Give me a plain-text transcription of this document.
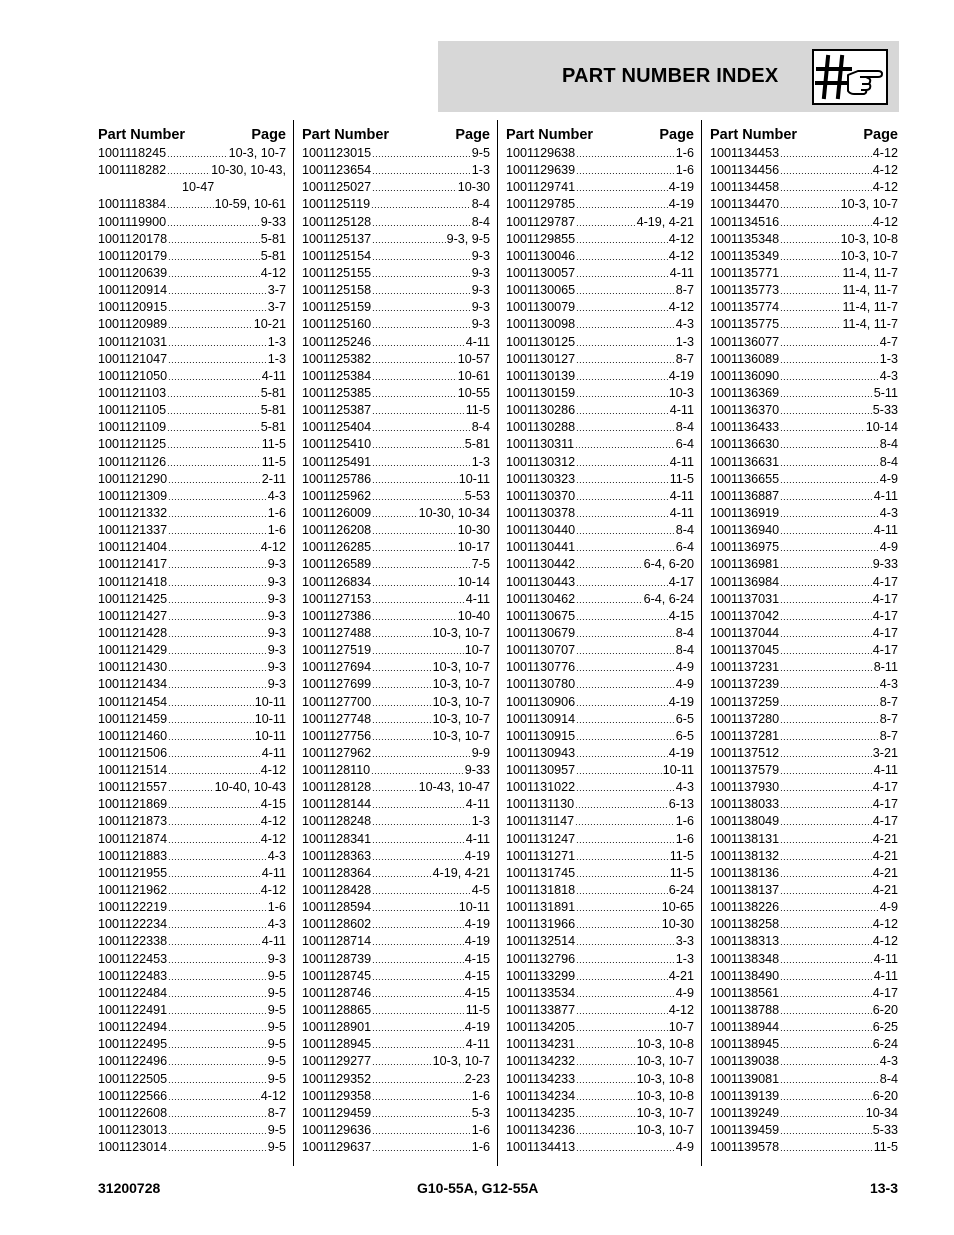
PART NUMBER INDEX
Part Number	Page
1001118245 .....	10-3, 10-7
1001118282 .....	10-30, 10-43,
10-47
1001118384 .....	10-59, 10-61
1001119900 .....	9-33
1001120178 .....	5-81
1001120179 .....	5-81
1001120639 .....	4-12
1001120914 .....	3-7
1001120915 .....	3-7
1001120989 .....	10-21
1001121031 .....	1-3
1001121047 .....	1-3
1001121050 .....	4-11
1001121103 .....	5-81
1001121105 .....	5-81
1001121109 .....	5-81
1001121125 .....	11-5
1001121126 .....	11-5
1001121290 .....	2-11
1001121309 .....	4-3
1001121332 .....	1-6
1001121337 .....	1-6
1001121404 .....	4-12
1001121417 .....	9-3
1001121418 .....	9-3
1001121425 .....	9-3
1001121427 .....	9-3
1001121428 .....	9-3
1001121429 .....	9-3
1001121430 .....	9-3
1001121434 .....	9-3
1001121454 .....	10-11
1001121459 .....	10-11
1001121460 .....	10-11
1001121506 .....	4-11
1001121514 .....	4-12
1001121557 .....	10-40, 10-43
1001121869 .....	4-15
1001121873 .....	4-12
1001121874 .....	4-12
1001121883 .....	4-3
1001121955 .....	4-11
1001121962 .....	4-12
1001122219 .....	1-6
1001122234 .....	4-3
1001122338 .....	4-11
1001122453 .....	9-3
1001122483 .....	9-5
1001122484 .....	9-5
1001122491 .....	9-5
1001122494 .....	9-5
1001122495 .....	9-5
1001122496 .....	9-5
1001122505 .....	9-5
1001122566 .....	4-12
1001122608 .....	8-7
1001123013 .....	9-5
1001123014 .....	9-5
Part Number	Page
1001123015 .....	9-5
1001123654 .....	1-3
1001125027 .....	10-30
1001125119 .....	8-4
1001125128 .....	8-4
1001125137 .....	9-3, 9-5
1001125154 .....	9-3
1001125155 .....	9-3
1001125158 .....	9-3
1001125159 .....	9-3
1001125160 .....	9-3
1001125246 .....	4-11
1001125382 .....	10-57
1001125384 .....	10-61
1001125385 .....	10-55
1001125387 .....	11-5
1001125404 .....	8-4
1001125410 .....	5-81
1001125491 .....	1-3
1001125786 .....	10-11
1001125962 .....	5-53
1001126009 .....	10-30, 10-34
1001126208 .....	10-30
1001126285 .....	10-17
1001126589 .....	7-5
1001126834 .....	10-14
1001127153 .....	4-11
1001127386 .....	10-40
1001127488 .....	10-3, 10-7
1001127519 .....	10-7
1001127694 .....	10-3, 10-7
1001127699 .....	10-3, 10-7
1001127700 .....	10-3, 10-7
1001127748 .....	10-3, 10-7
1001127756 .....	10-3, 10-7
1001127962 .....	9-9
1001128110 .....	9-33
1001128128 .....	10-43, 10-47
1001128144 .....	4-11
1001128248 .....	1-3
1001128341 .....	4-11
1001128363 .....	4-19
1001128364 .....	4-19, 4-21
1001128428 .....	4-5
1001128594 .....	10-11
1001128602 .....	4-19
1001128714 .....	4-19
1001128739 .....	4-15
1001128745 .....	4-15
1001128746 .....	4-15
1001128865 .....	11-5
1001128901 .....	4-19
1001128945 .....	4-11
1001129277 .....	10-3, 10-7
1001129352 .....	2-23
1001129358 .....	1-6
1001129459 .....	5-3
1001129636 .....	1-6
1001129637 .....	1-6
Part Number	Page
1001129638 .....	1-6
1001129639 .....	1-6
1001129741 .....	4-19
1001129785 .....	4-19
1001129787 .....	4-19, 4-21
1001129855 .....	4-12
1001130046 .....	4-12
1001130057 .....	4-11
1001130065 .....	8-7
1001130079 .....	4-12
1001130098 .....	4-3
1001130125 .....	1-3
1001130127 .....	8-7
1001130139 .....	4-19
1001130159 .....	10-3
1001130286 .....	4-11
1001130288 .....	8-4
1001130311 .....	6-4
1001130312 .....	4-11
1001130323 .....	11-5
1001130370 .....	4-11
1001130378 .....	4-11
1001130440 .....	8-4
1001130441 .....	6-4
1001130442 .....	6-4, 6-20
1001130443 .....	4-17
1001130462 .....	6-4, 6-24
1001130675 .....	4-15
1001130679 .....	8-4
1001130707 .....	8-4
1001130776 .....	4-9
1001130780 .....	4-9
1001130906 .....	4-19
1001130914 .....	6-5
1001130915 .....	6-5
1001130943 .....	4-19
1001130957 .....	10-11
1001131022 .....	4-3
1001131130 .....	6-13
1001131147 .....	1-6
1001131247 .....	1-6
1001131271 .....	11-5
1001131745 .....	11-5
1001131818 .....	6-24
1001131891 .....	10-65
1001131966 .....	10-30
1001132514 .....	3-3
1001132796 .....	1-3
1001133299 .....	4-21
1001133534 .....	4-9
1001133877 .....	4-12
1001134205 .....	10-7
1001134231 .....	10-3, 10-8
1001134232 .....	10-3, 10-7
1001134233 .....	10-3, 10-8
1001134234 .....	10-3, 10-8
1001134235 .....	10-3, 10-7
1001134236 .....	10-3, 10-7
1001134413 .....	4-9
Part Number	Page
1001134453 .....	4-12
1001134456 .....	4-12
1001134458 .....	4-12
1001134470 .....	10-3, 10-7
1001134516 .....	4-12
1001135348 .....	10-3, 10-8
1001135349 .....	10-3, 10-7
1001135771 .....	11-4, 11-7
1001135773 .....	11-4, 11-7
1001135774 .....	11-4, 11-7
1001135775 .....	11-4, 11-7
1001136077 .....	4-7
1001136089 .....	1-3
1001136090 .....	4-3
1001136369 .....	5-11
1001136370 .....	5-33
1001136433 .....	10-14
1001136630 .....	8-4
1001136631 .....	8-4
1001136655 .....	4-9
1001136887 .....	4-11
1001136919 .....	4-3
1001136940 .....	4-11
1001136975 .....	4-9
1001136981 .....	9-33
1001136984 .....	4-17
1001137031 .....	4-17
1001137042 .....	4-17
1001137044 .....	4-17
1001137045 .....	4-17
1001137231 .....	8-11
1001137239 .....	4-3
1001137259 .....	8-7
1001137280 .....	8-7
1001137281 .....	8-7
1001137512 .....	3-21
1001137579 .....	4-11
1001137930 .....	4-17
1001138033 .....	4-17
1001138049 .....	4-17
1001138131 .....	4-21
1001138132 .....	4-21
1001138136 .....	4-21
1001138137 .....	4-21
1001138226 .....	4-9
1001138258 .....	4-12
1001138313 .....	4-12
1001138348 .....	4-11
1001138490 .....	4-11
1001138561 .....	4-17
1001138788 .....	6-20
1001138944 .....	6-25
1001138945 .....	6-24
1001139038 .....	4-3
1001139081 .....	8-4
1001139139 .....	6-20
1001139249 .....	10-34
1001139459 .....	5-33
1001139578 .....	11-5
31200728	G10-55A, G12-55A	13-3
